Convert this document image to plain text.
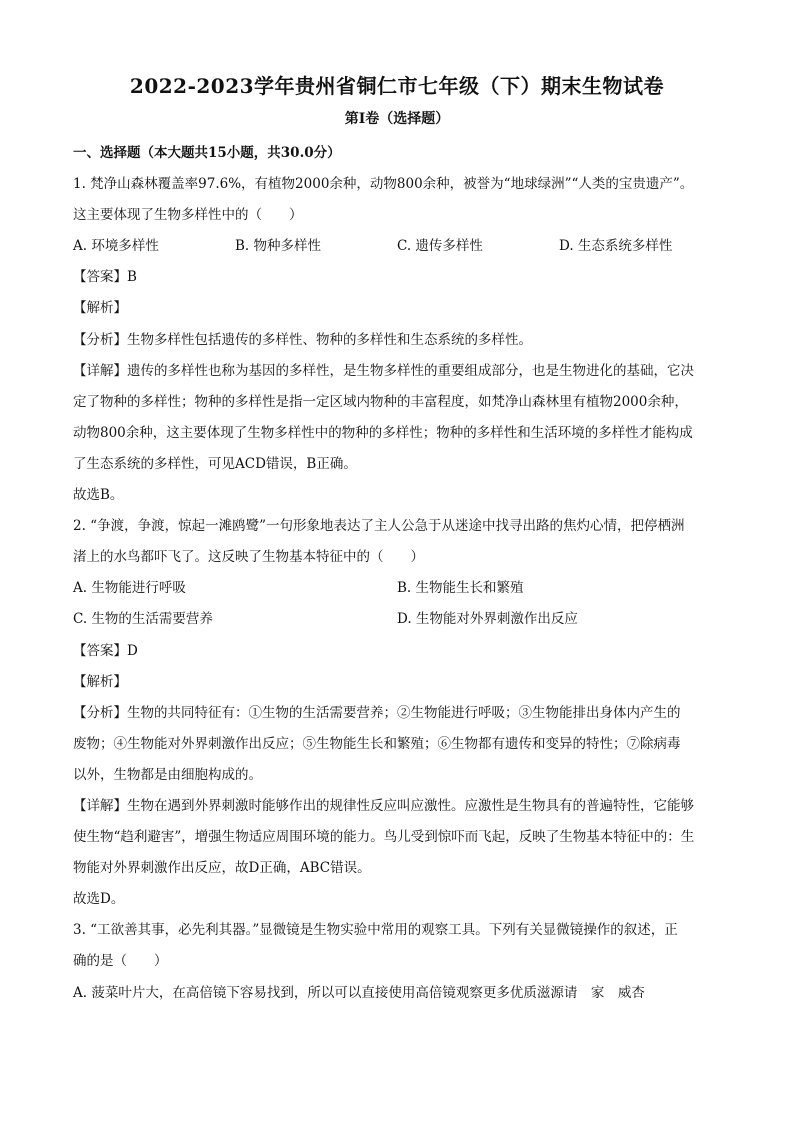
2022-2023学年贵州省铜仁市七年级（下）期末生物试卷
第Ⅰ卷（选择题）
一、选择题（本大题共15小题，共30.0分）
1. 梵净山森林覆盖率97.6%，有植物2000余种，动物800余种，被誉为“地球绿洲”“人类的宝贵遗产”。
这主要体现了生物多样性中的（　　）
A. 环境多样性	B. 物种多样性	C. 遗传多样性	D. 生态系统多样性
【答案】B
【解析】
【分析】生物多样性包括遗传的多样性、物种的多样性和生态系统的多样性。
【详解】遗传的多样性也称为基因的多样性，是生物多样性的重要组成部分，也是生物进化的基础，它决
定了物种的多样性；物种的多样性是指一定区域内物种的丰富程度，如梵净山森林里有植物2000余种，
动物800余种，这主要体现了生物多样性中的物种的多样性；物种的多样性和生活环境的多样性才能构成
了生态系统的多样性，可见ACD错误，B正确。
故选B。
2. “争渡，争渡，惊起一滩鸥鹭”一句形象地表达了主人公急于从迷途中找寻出路的焦灼心情，把停栖洲
渚上的水鸟都吓飞了。这反映了生物基本特征中的（　　）
A. 生物能进行呼吸	B. 生物能生长和繁殖
C. 生物的生活需要营养	D. 生物能对外界刺激作出反应
【答案】D
【解析】
【分析】生物的共同特征有：①生物的生活需要营养；②生物能进行呼吸；③生物能排出身体内产生的
废物；④生物能对外界刺激作出反应；⑤生物能生长和繁殖；⑥生物都有遗传和变异的特性；⑦除病毒
以外，生物都是由细胞构成的。
【详解】生物在遇到外界刺激时能够作出的规律性反应叫应激性。应激性是生物具有的普遍特性，它能够
使生物“趋利避害”，增强生物适应周围环境的能力。鸟儿受到惊吓而飞起，反映了生物基本特征中的：生
物能对外界刺激作出反应，故D正确，ABC错误。
故选D。
3. “工欲善其事，必先利其器。”显微镜是生物实验中常用的观察工具。下列有关显微镜操作的叙述，正
确的是（　　）
A. 菠菜叶片大，在高倍镜下容易找到，所以可以直接使用高倍镜观察更多优质滋源请　家　威杏
